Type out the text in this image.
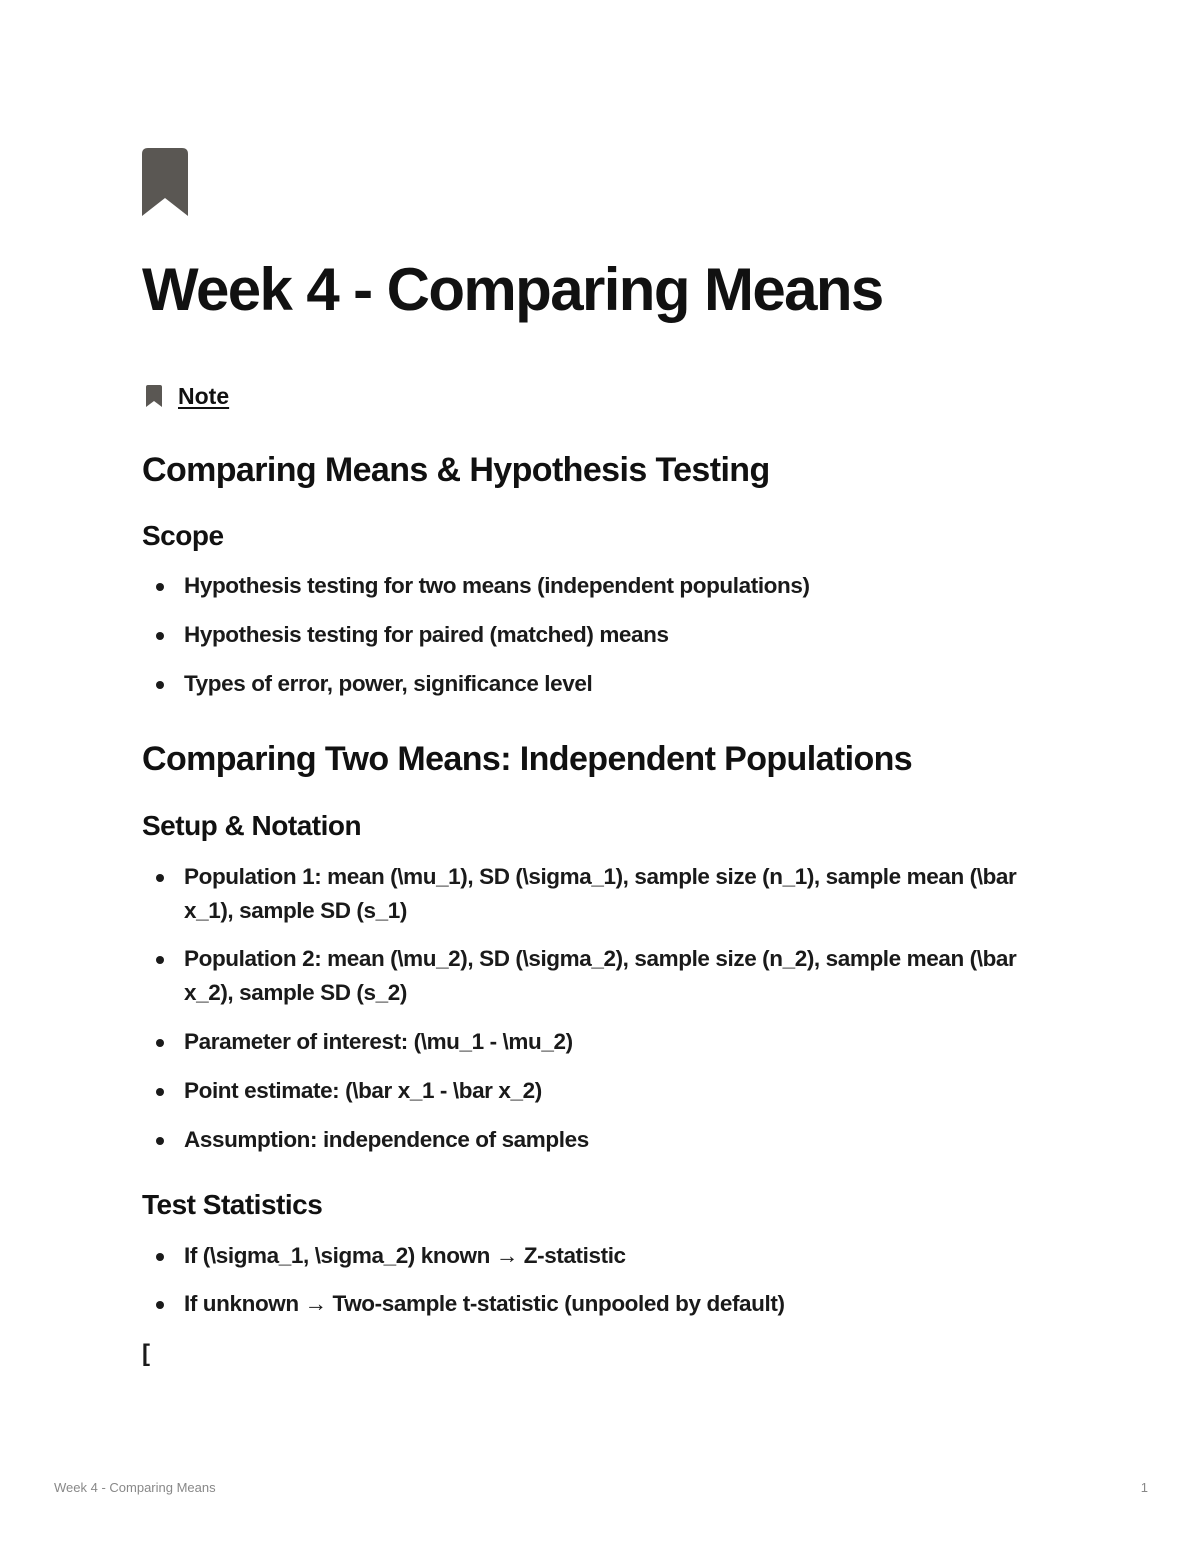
Week 4 - Comparing Means
Note
Comparing Means & Hypothesis Testing
Scope
Hypothesis testing for two means (independent populations)
Hypothesis testing for paired (matched) means
Types of error, power, significance level
Comparing Two Means: Independent Populations
Setup & Notation
Population 1: mean (\mu_1), SD (\sigma_1), sample size (n_1), sample mean (\bar x_1), sample SD (s_1)
Population 2: mean (\mu_2), SD (\sigma_2), sample size (n_2), sample mean (\bar x_2), sample SD (s_2)
Parameter of interest: (\mu_1 - \mu_2)
Point estimate: (\bar x_1 - \bar x_2)
Assumption: independence of samples
Test Statistics
If (\sigma_1, \sigma_2) known → Z-statistic
If unknown → Two-sample t-statistic (unpooled by default)
[
Week 4 - Comparing Means	1
